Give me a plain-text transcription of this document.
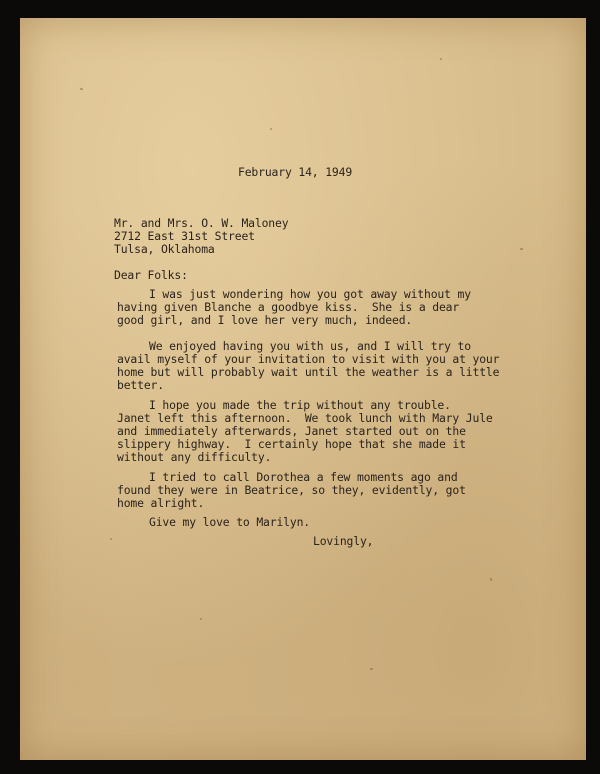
February 14, 1949
Mr. and Mrs. O. W. Maloney
2712 East 31st Street
Tulsa, Oklahoma
Dear Folks:
I was just wondering how you got away without my
having given Blanche a goodbye kiss.  She is a dear
good girl, and I love her very much, indeed.
We enjoyed having you with us, and I will try to
avail myself of your invitation to visit with you at your
home but will probably wait until the weather is a little
better.
I hope you made the trip without any trouble.
Janet left this afternoon.  We took lunch with Mary Jule
and immediately afterwards, Janet started out on the
slippery highway.  I certainly hope that she made it
without any difficulty.
I tried to call Dorothea a few moments ago and
found they were in Beatrice, so they, evidently, got
home alright.
Give my love to Marilyn.
Lovingly,
